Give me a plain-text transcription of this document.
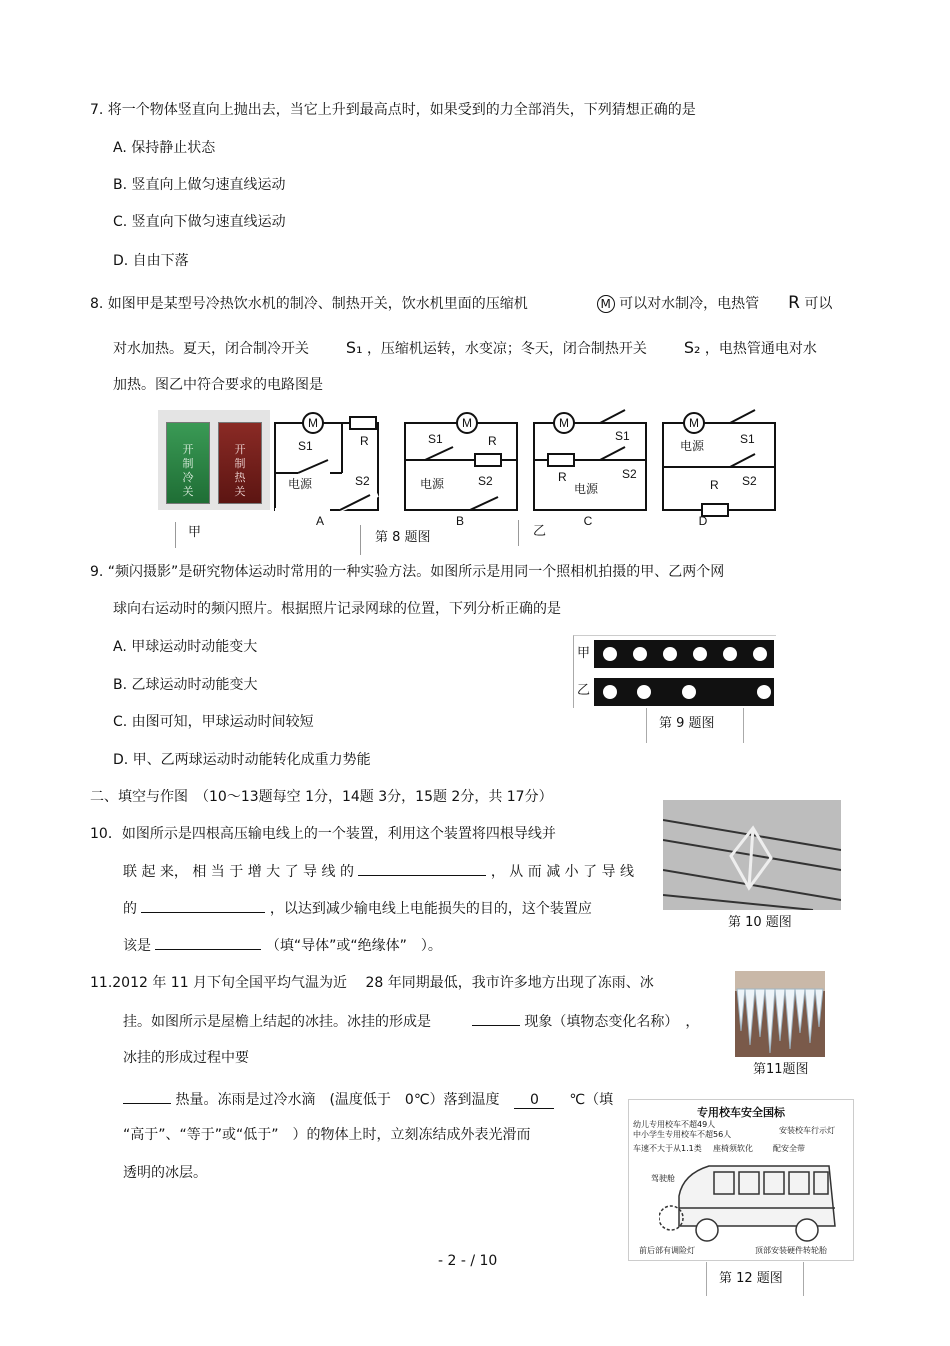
7. 将一个物体竖直向上抛出去，当它上升到最高点时，如果受到的力全部消失，下列猜想正确的是
A. 保持静止状态
B. 竖直向上做匀速直线运动
C. 竖直向下做匀速直线运动
D. 自由下落
8. 如图甲是某型号冷热饮水机的制冷、制热开关，饮水机里面的压缩机	M 可以对水制冷，电热管 R 可以
对水加热。夏天，闭合制冷开关 S₁ ，压缩机运转，水变凉；冬天，闭合制热开关 S₂ ，电热管通电对水
加热。图乙中符合要求的电路图是
开
制
冷
关
开
制
热
关
甲
M
S1	R
电源	S2
A
M
S1	R
电源	S2
B
M
S1
R	S2
电源
C
M
电源	S1
S2
R
D
第 8 题图	乙
9. “频闪摄影”是研究物体运动时常用的一种实验方法。如图所示是用同一个照相机拍摄的甲、乙两个网
球向右运动时的频闪照片。根据照片记录网球的位置，下列分析正确的是
A. 甲球运动时动能变大
B. 乙球运动时动能变大
C. 由图可知，甲球运动时间较短
D. 甲、乙两球运动时动能转化成重力势能
甲
乙
第 9 题图
二、填空与作图　（10～13题每空 1分，14题 3分，15题 2分，共 17分）
10．如图所示是四根高压输电线上的一个装置，利用这个装置将四根导线并
联 起 来， 相 当 于 增 大 了 导 线 的	， 从 而 减 小 了 导 线
的	，以达到减少输电线上电能损失的目的，这个装置应
该是	（填“导体”或“绝缘体”　）。
第 10 题图
11.2012 年 11 月下旬全国平均气温为近　 28 年同期最低，我市许多地方出现了冻雨、冰
挂。如图所示是屋檐上结起的冰挂。冰挂的形成是	现象（填物态变化名称）　，
冰挂的形成过程中要
热量。冻雨是过冷水滴　(温度低于　0℃）落到温度 0 ℃（填
“高于”、“等于”或“低于”　）的物体上时，立刻冻结成外表光滑而
透明的冰层。
第11题图
专用校车安全国标
幼儿专用校车不超49人
中小学生专用校车不超56人
车速不大于从1.1类 座椅须软化	配安全带
安装校车行示灯
驾驶舱
前后部有调险灯	顶部安装硬件转轮胎
第 12 题图
- 2 - / 10
